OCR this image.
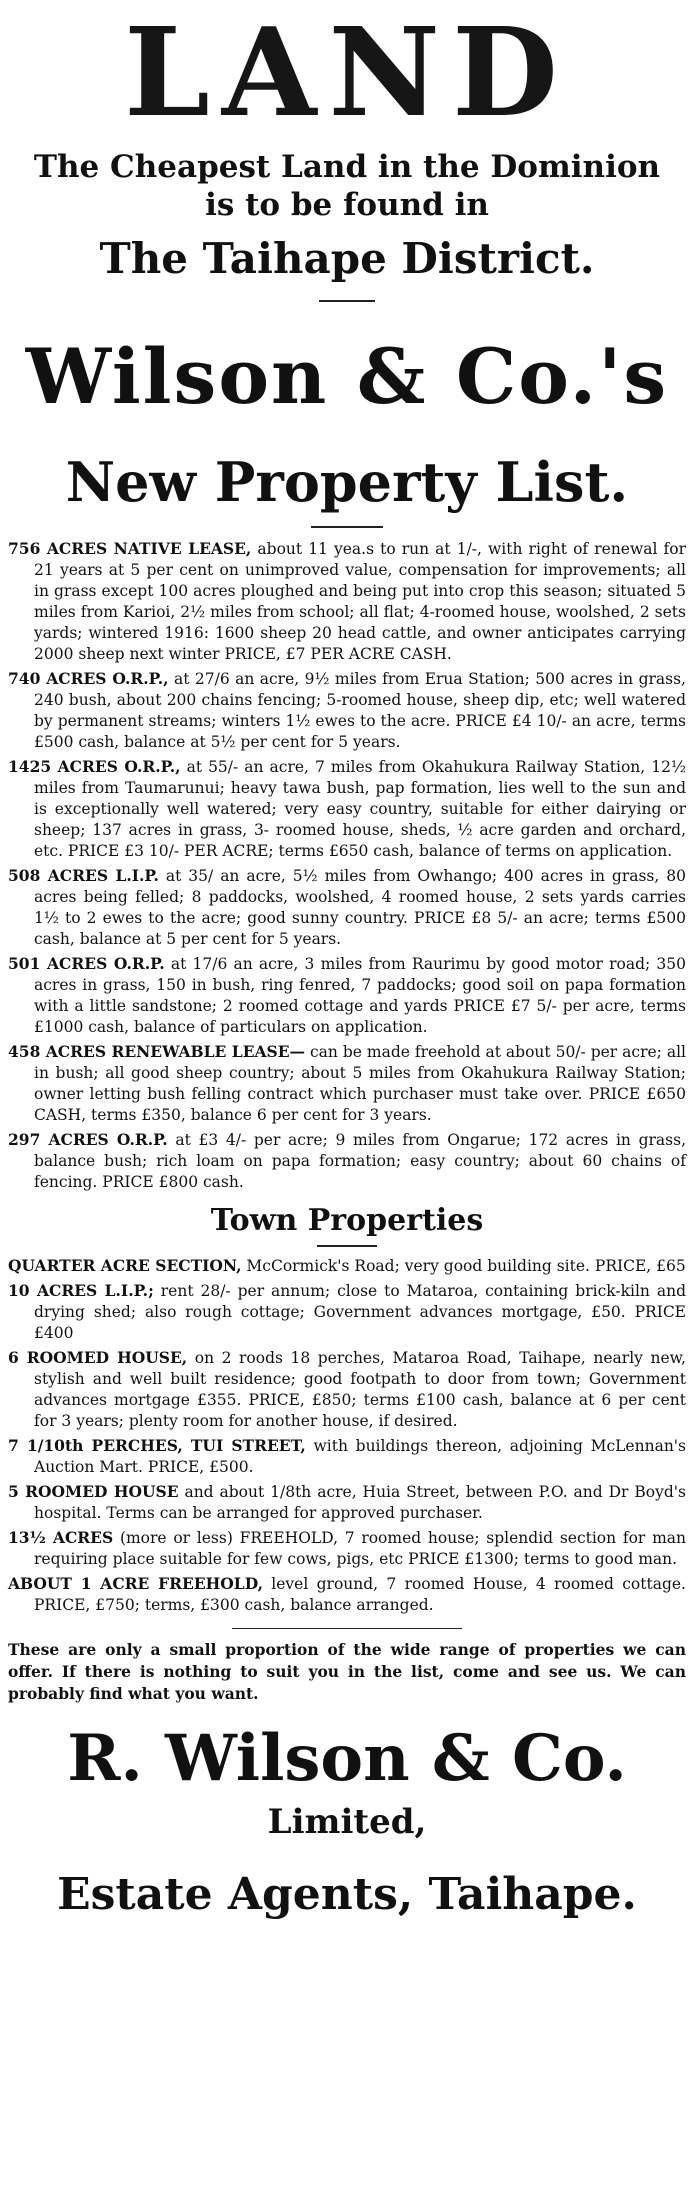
LAND
The Cheapest Land in the Dominion
is to be found in
The Taihape District.
Wilson & Co.'s
New Property List.

756 ACRES NATIVE LEASE, about 11 yea.s to run at 1/-, with right of renewal for 21 years at 5 per cent on unimproved value, compensation for improvements; all in grass except 100 acres ploughed and being put into crop this season; situated 5 miles from Karioi, 2½ miles from school; all flat; 4-roomed house, woolshed, 2 sets yards; wintered 1916: 1600 sheep 20 head cattle, and owner anticipates carrying 2000 sheep next winter PRICE, £7 PER ACRE CASH.

740 ACRES O.R.P., at 27/6 an acre, 9½ miles from Erua Station; 500 acres in grass, 240 bush, about 200 chains fencing; 5-roomed house, sheep dip, etc; well watered by permanent streams; winters 1½ ewes to the acre. PRICE £4 10/- an acre, terms £500 cash, balance at 5½ per cent for 5 years.

1425 ACRES O.R.P., at 55/- an acre, 7 miles from Okahukura Railway Station, 12½ miles from Taumarunui; heavy tawa bush, pap formation, lies well to the sun and is exceptionally well watered; very easy country, suitable for either dairying or sheep; 137 acres in grass, 3- roomed house, sheds, ½ acre garden and orchard, etc. PRICE £3 10/- PER ACRE; terms £650 cash, balance of terms on application.

508 ACRES L.I.P. at 35/ an acre, 5½ miles from Owhango; 400 acres in grass, 80 acres being felled; 8 paddocks, woolshed, 4 roomed house, 2 sets yards carries 1½ to 2 ewes to the acre; good sunny country. PRICE £8 5/- an acre; terms £500 cash, balance at 5 per cent for 5 years.

501 ACRES O.R.P. at 17/6 an acre, 3 miles from Raurimu by good motor road; 350 acres in grass, 150 in bush, ring fenred, 7 paddocks; good soil on papa formation with a little sandstone; 2 roomed cottage and yards PRICE £7 5/- per acre, terms £1000 cash, balance of particulars on application.

458 ACRES RENEWABLE LEASE— can be made freehold at about 50/- per acre; all in bush; all good sheep country; about 5 miles from Okahukura Railway Station; owner letting bush felling contract which purchaser must take over. PRICE £650 CASH, terms £350, balance 6 per cent for 3 years.

297 ACRES O.R.P. at £3 4/- per acre; 9 miles from Ongarue; 172 acres in grass, balance bush; rich loam on papa formation; easy country; about 60 chains of fencing. PRICE £800 cash.

Town Properties

QUARTER ACRE SECTION, McCormick's Road; very good building site. PRICE, £65

10 ACRES L.I.P.; rent 28/- per annum; close to Mataroa, containing brick-kiln and drying shed; also rough cottage; Government advances mortgage, £50. PRICE £400

6 ROOMED HOUSE, on 2 roods 18 perches, Mataroa Road, Taihape, nearly new, stylish and well built residence; good footpath to door from town; Government advances mortgage £355. PRICE, £850; terms £100 cash, balance at 6 per cent for 3 years; plenty room for another house, if desired.

7 1/10th PERCHES, TUI STREET, with buildings thereon, adjoining McLennan's Auction Mart. PRICE, £500.

5 ROOMED HOUSE and about 1/8th acre, Huia Street, between P.O. and Dr Boyd's hospital. Terms can be arranged for approved purchaser.

13½ ACRES (more or less) FREEHOLD, 7 roomed house; splendid section for man requiring place suitable for few cows, pigs, etc PRICE £1300; terms to good man.

ABOUT 1 ACRE FREEHOLD, level ground, 7 roomed House, 4 roomed cottage. PRICE, £750; terms, £300 cash, balance arranged.

These are only a small proportion of the wide range of properties we can offer. If there is nothing to suit you in the list, come and see us. We can probably find what you want.
R. Wilson & Co.
Limited,
Estate Agents, Taihape.
